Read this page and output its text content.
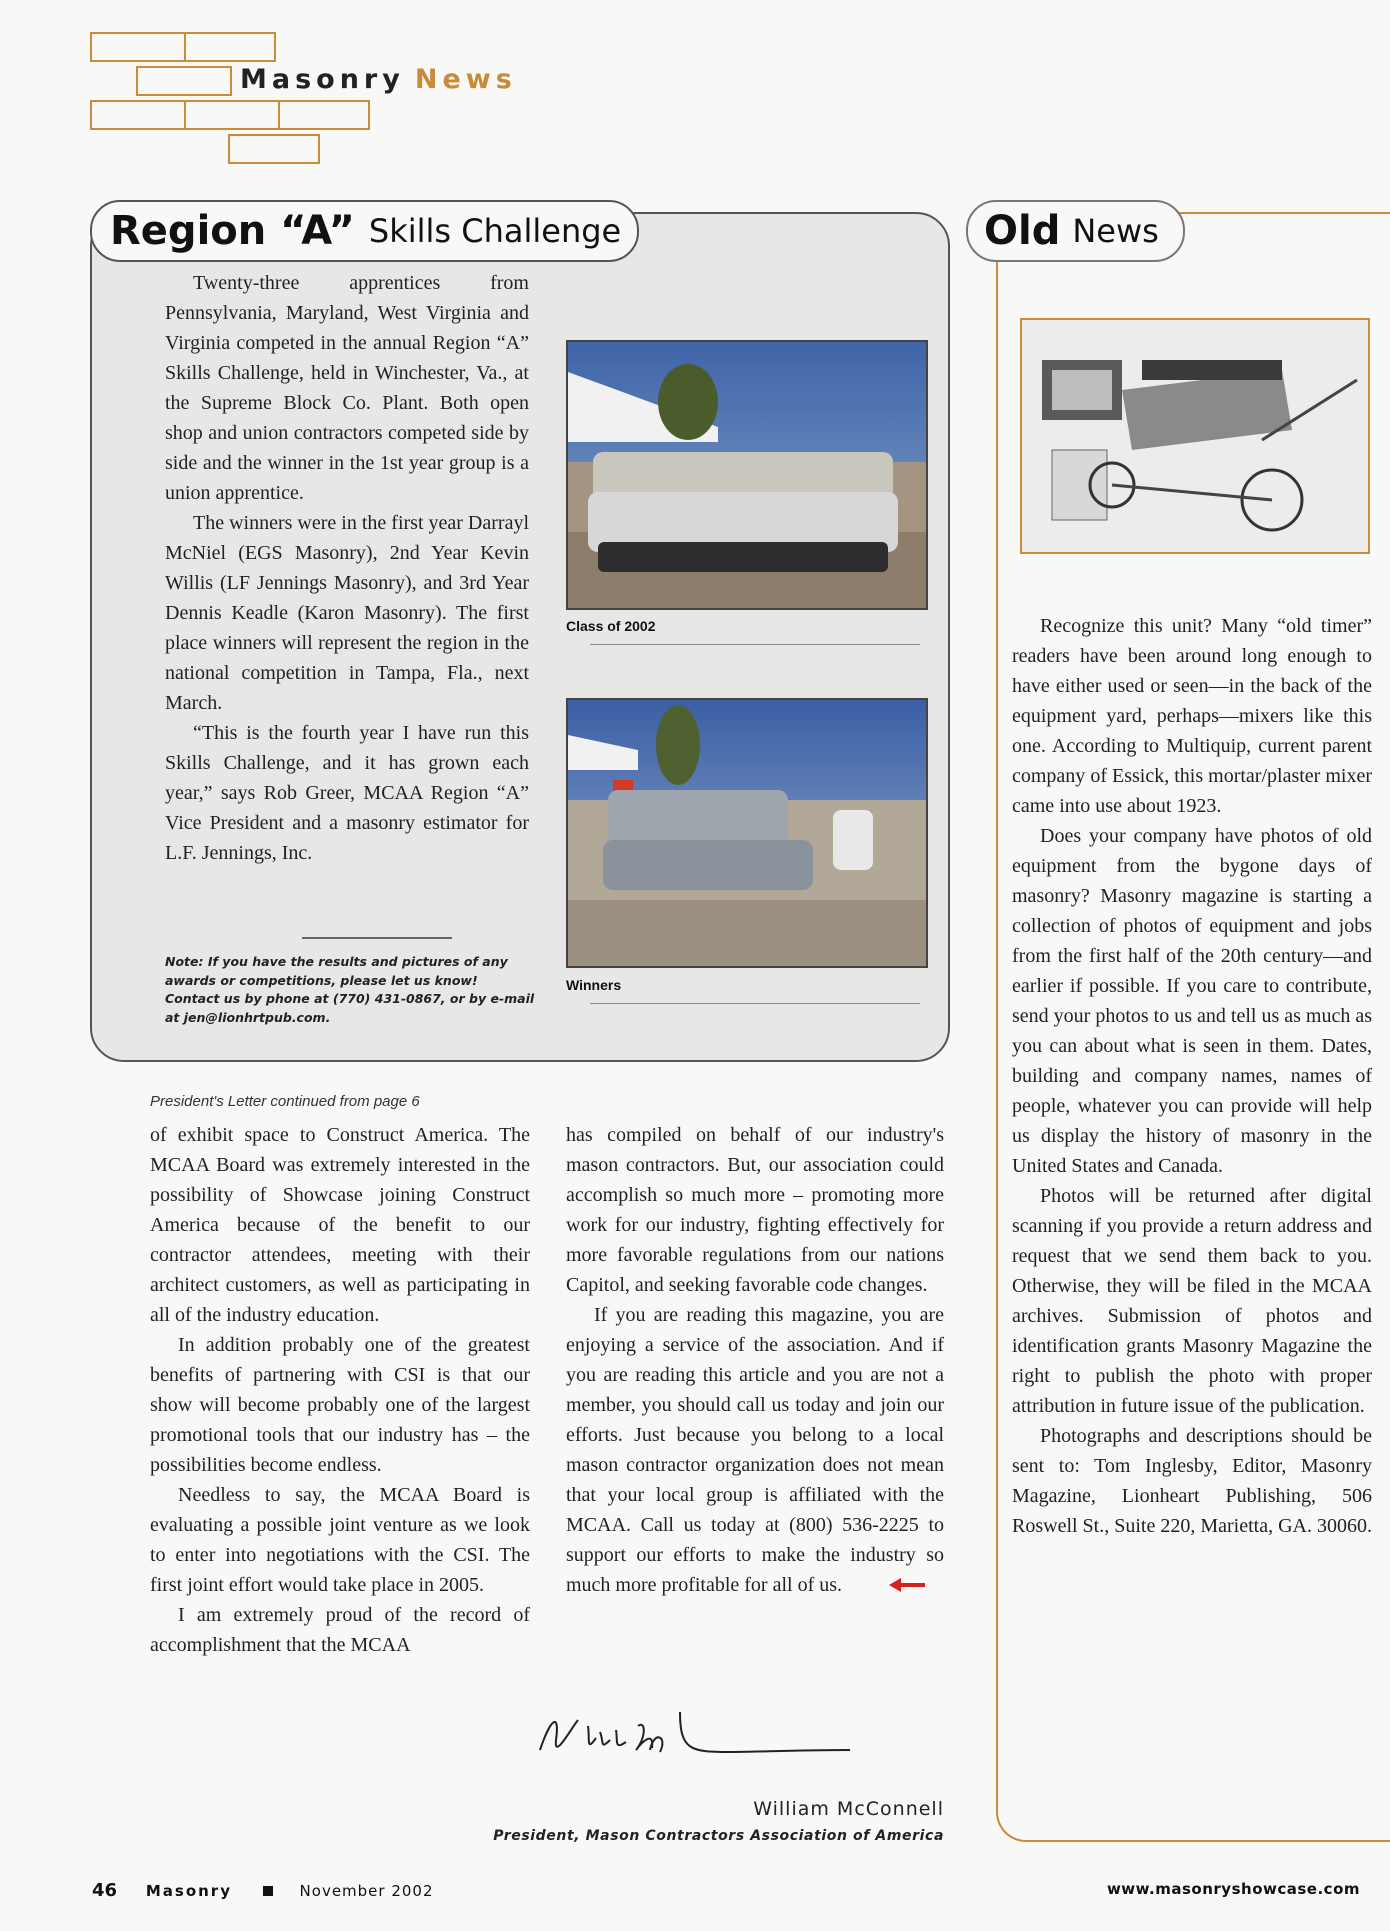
Masonry News
Region “A” Skills Challenge

Twenty-three apprentices from Pennsylvania, Maryland, West Virginia and Virginia competed in the annual Region “A” Skills Challenge, held in Winchester, Va., at the Supreme Block Co. Plant. Both open shop and union contractors competed side by side and the winner in the 1st year group is a union apprentice.

The winners were in the first year Darrayl McNiel (EGS Masonry), 2nd Year Kevin Willis (LF Jennings Masonry), and 3rd Year Dennis Keadle (Karon Masonry). The first place winners will represent the region in the national competition in Tampa, Fla., next March.

“This is the fourth year I have run this Skills Challenge, and it has grown each year,” says Rob Greer, MCAA Region “A” Vice President and a masonry estimator for L.F. Jennings, Inc.

Note: If you have the results and pictures of any awards or competitions, please let us know! Contact us by phone at (770) 431-0867, or by e-mail at jen@lionhrtpub.com.
Class of 2002
Winners
President's Letter continued from page 6

of exhibit space to Construct America. The MCAA Board was extremely interested in the possibility of Showcase joining Construct America because of the benefit to our contractor attendees, meeting with their architect customers, as well as participating in all of the industry education.

In addition probably one of the greatest benefits of partnering with CSI is that our show will become probably one of the largest promotional tools that our industry has – the possibilities become endless.

Needless to say, the MCAA Board is evaluating a possible joint venture as we look to enter into negotiations with the CSI. The first joint effort would take place in 2005.

I am extremely proud of the record of accomplishment that the MCAA

has compiled on behalf of our industry's mason contractors. But, our association could accomplish so much more – promoting more work for our industry, fighting effectively for more favorable regulations from our nations Capitol, and seeking favorable code changes.

If you are reading this magazine, you are enjoying a service of the association. And if you are reading this article and you are not a member, you should call us today and join our efforts. Just because you belong to a local mason contractor organization does not mean that your local group is affiliated with the MCAA. Call us today at (800) 536-2225 to support our efforts to make the industry so much more profitable for all of us.

William McConnell
President, Mason Contractors Association of America
Old News

Recognize this unit? Many “old timer” readers have been around long enough to have either used or seen—in the back of the equipment yard, perhaps—mixers like this one. According to Multiquip, current parent company of Essick, this mortar/plaster mixer came into use about 1923.

Does your company have photos of old equipment from the bygone days of masonry? Masonry magazine is starting a collection of photos of equipment and jobs from the first half of the 20th century—and earlier if possible. If you care to contribute, send your photos to us and tell us as much as you can about what is seen in them. Dates, building and company names, names of people, whatever you can provide will help us display the history of masonry in the United States and Canada.

Photos will be returned after digital scanning if you provide a return address and request that we send them back to you. Otherwise, they will be filed in the MCAA archives. Submission of photos and identification grants Masonry Magazine the right to publish the photo with proper attribution in future issue of the publication.

Photographs and descriptions should be sent to: Tom Inglesby, Editor, Masonry Magazine, Lionheart Publishing, 506 Roswell St., Suite 220, Marietta, GA. 30060.

46 Masonry	November 2002	www.masonryshowcase.com
